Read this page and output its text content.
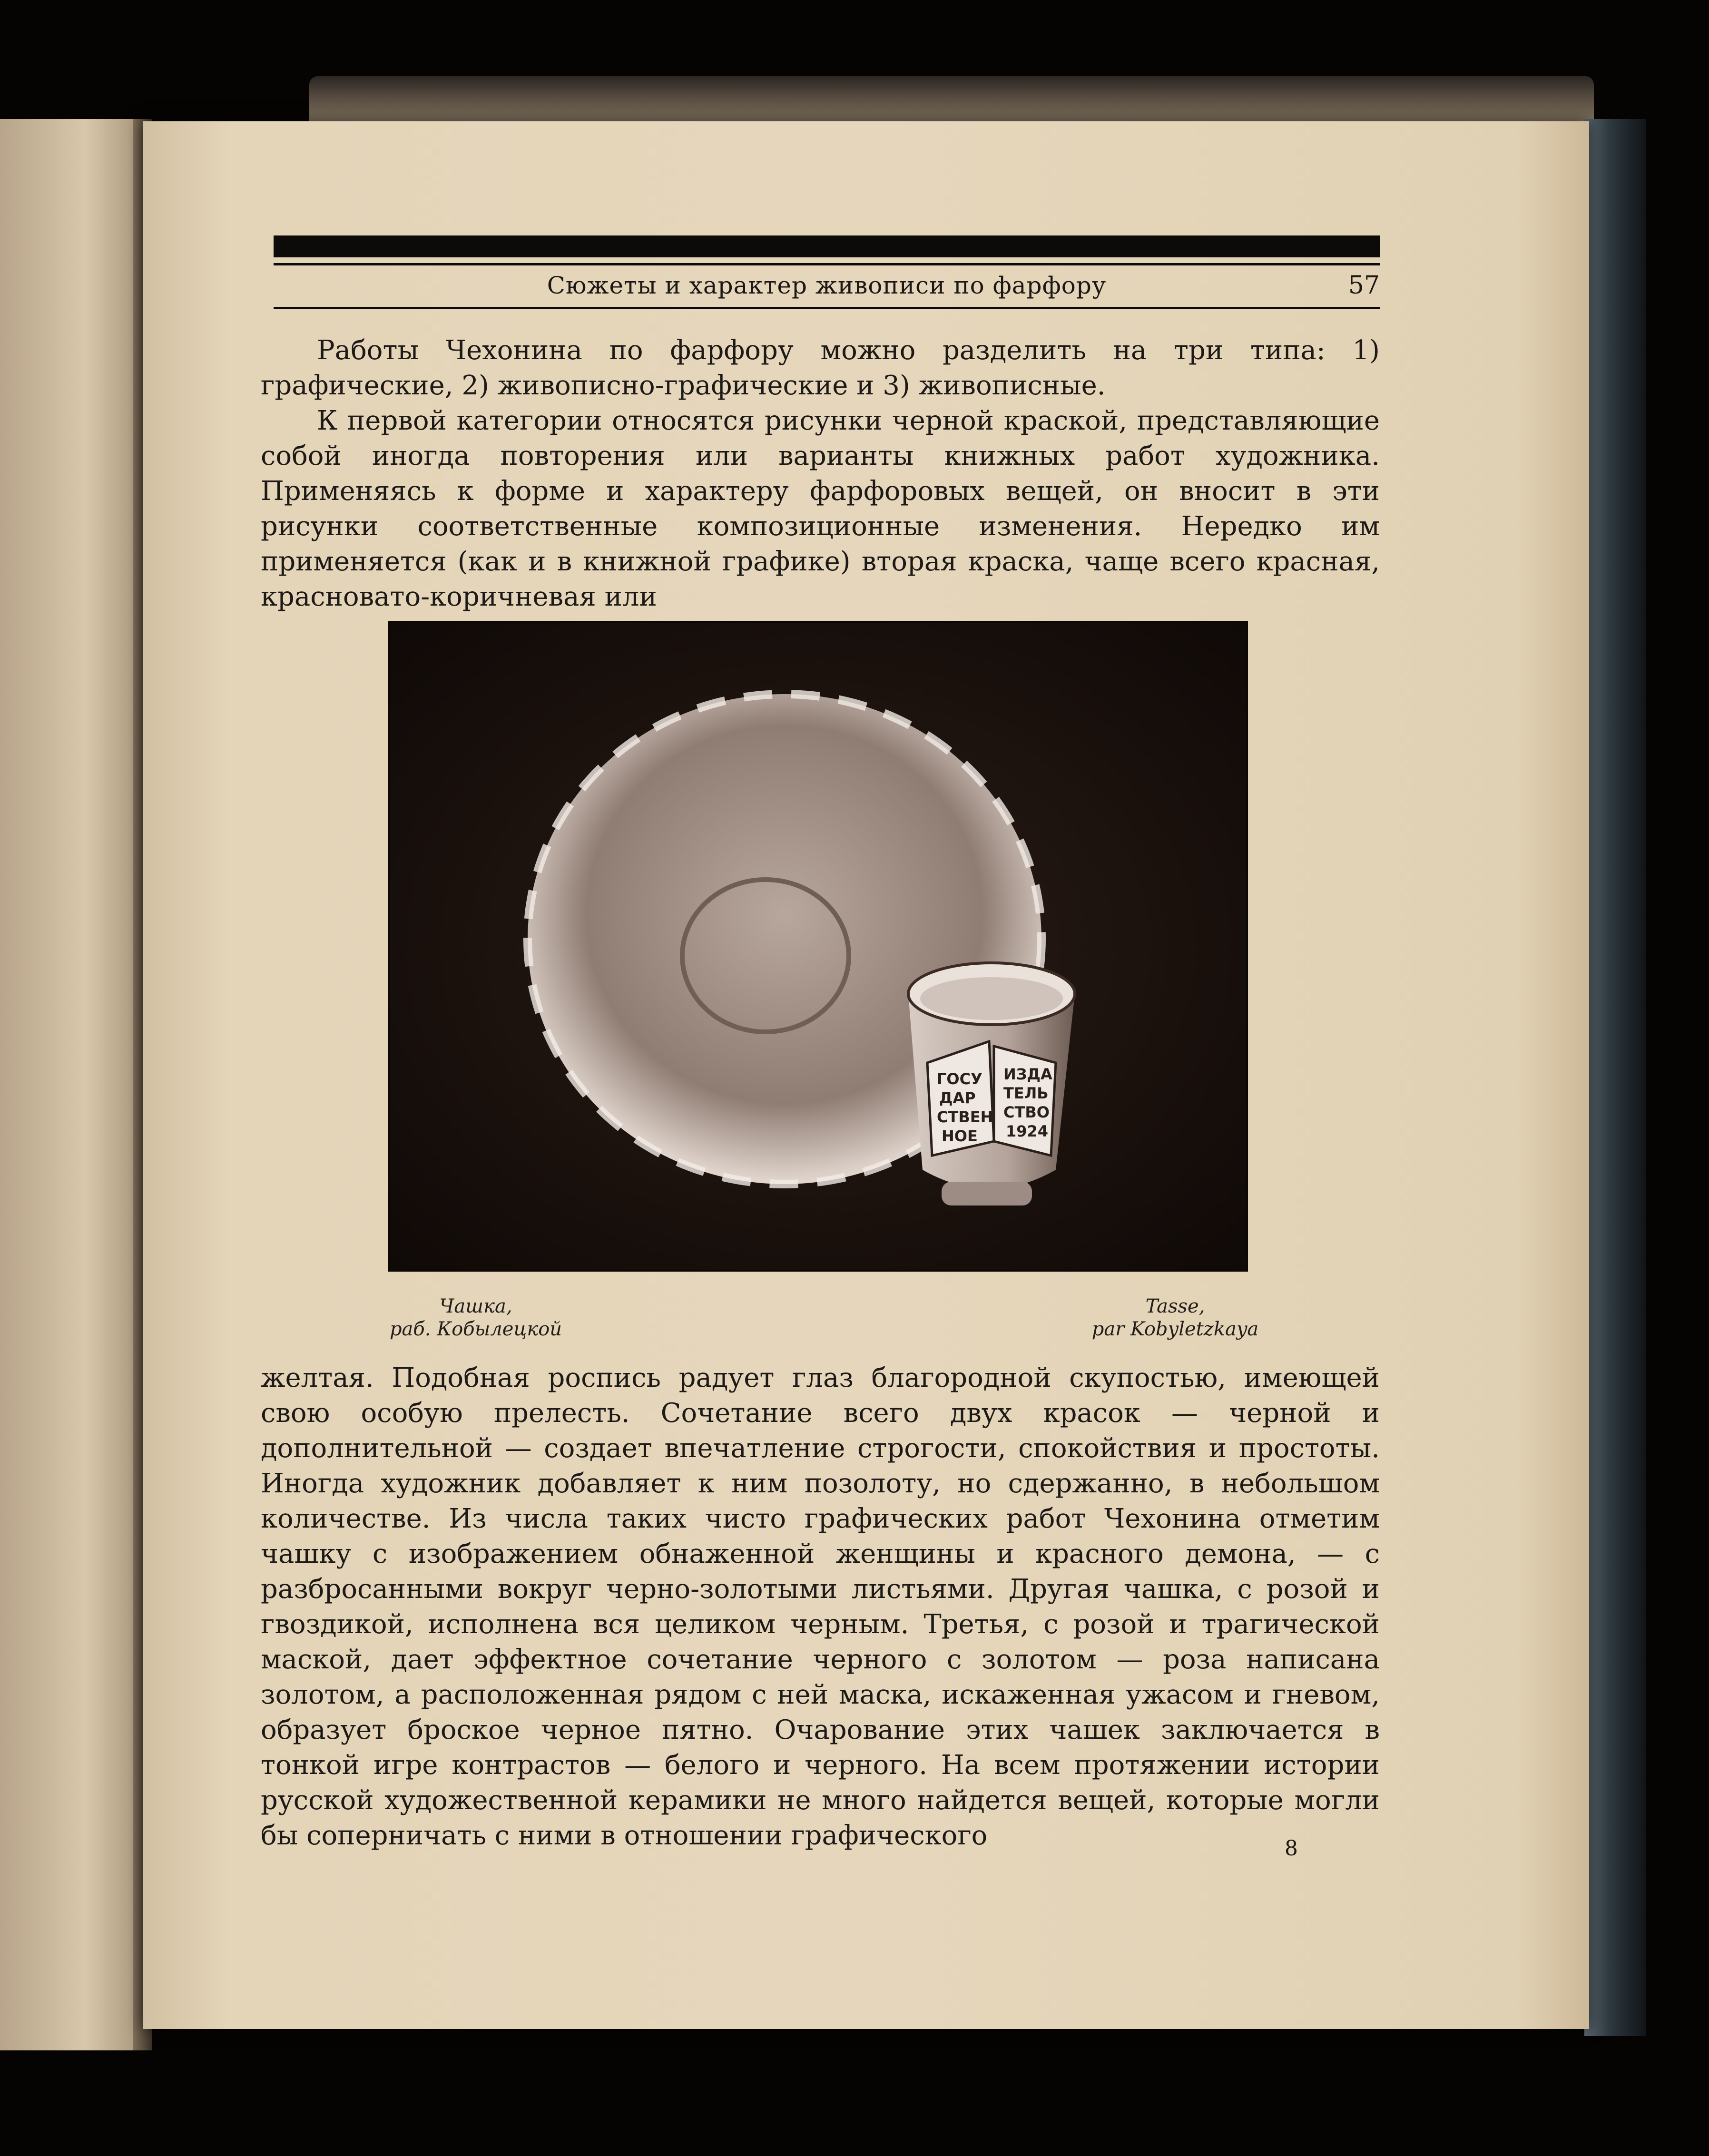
Сюжеты и характер живописи по фарфору	57

Работы Чехонина по фарфору можно разделить на три типа: 1) графические, 2) живописно-графические и 3) живописные.

К первой категории относятся рисунки черной краской, представляющие собой иногда повторения или варианты книжных работ художника. Применяясь к форме и характеру фарфоровых вещей, он вносит в эти рисунки соответственные композиционные изменения. Нередко им применяется (как и в книжной графике) вторая краска, чаще всего красная, красновато-коричневая или

ГОСУ
ДАР
СТВЕН
НОЕ
ИЗДА
ТЕЛЬ
СТВО
1924
Чашка,
раб. Кобылецкой
Tasse,
par Kobyletzkaya

желтая. Подобная роспись радует глаз благородной скупостью, имеющей свою особую прелесть. Сочетание всего двух красок — черной и дополнительной — создает впечатление строгости, спокойствия и простоты. Иногда художник добавляет к ним позолоту, но сдержанно, в небольшом количестве. Из числа таких чисто графических работ Чехонина отметим чашку с изображением обнаженной женщины и красного демона, — с разбросанными вокруг черно-золотыми листьями. Другая чашка, с розой и гвоздикой, исполнена вся целиком черным. Третья, с розой и трагической маской, дает эффектное сочетание черного с золотом — роза написана золотом, а расположенная рядом с ней маска, искаженная ужасом и гневом, образует броское черное пятно. Очарование этих чашек заключается в тонкой игре контрастов — белого и черного. На всем протяжении истории русской художественной керамики не много найдется вещей, которые могли бы соперничать с ними в отношении графического	8
